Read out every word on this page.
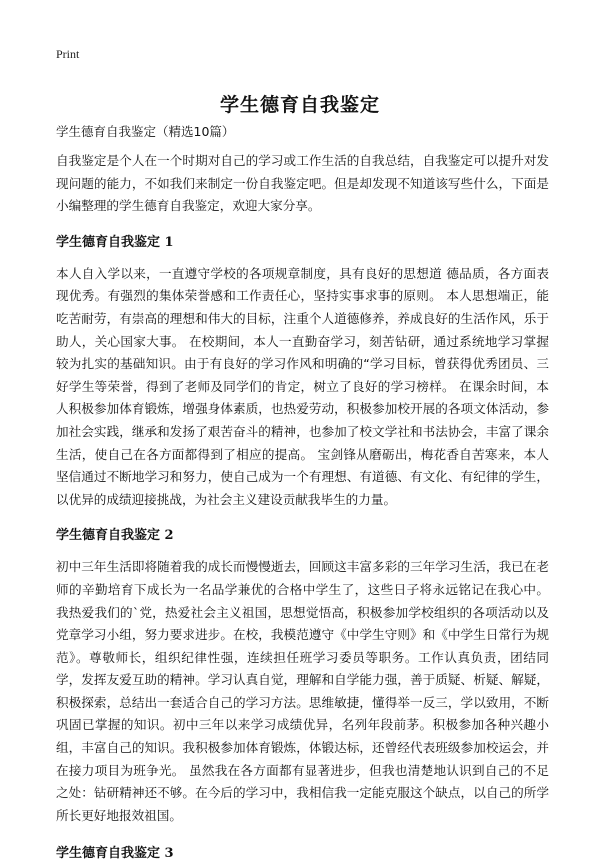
Print
学生德育自我鉴定
学生德育自我鉴定（精选10篇）

自我鉴定是个人在一个时期对自己的学习或工作生活的自我总结，自我鉴定可以提升对发现问题的能力，不如我们来制定一份自我鉴定吧。但是却发现不知道该写些什么，下面是小编整理的学生德育自我鉴定，欢迎大家分享。

学生德育自我鉴定 1

本人自入学以来，一直遵守学校的各项规章制度，具有良好的思想道 德品质，各方面表现优秀。有强烈的集体荣誉感和工作责任心，坚持实事求事的原则。 本人思想端正，能吃苦耐劳，有崇高的理想和伟大的目标，注重个人道德修养，养成良好的生活作风，乐于助人，关心国家大事。 在校期间，本人一直勤奋学习，刻苦钻研，通过系统地学习掌握较为扎实的基础知识。由于有良好的学习作风和明确的“学习目标，曾获得优秀团员、三好学生等荣誉，得到了老师及同学们的肯定，树立了良好的学习榜样。 在课余时间，本人积极参加体育锻炼，增强身体素质，也热爱劳动，积极参加校开展的各项文体活动，参加社会实践，继承和发扬了艰苦奋斗的精神，也参加了校文学社和书法协会，丰富了课余生活，使自己在各方面都得到了相应的提高。 宝剑锋从磨砺出，梅花香自苦寒来，本人坚信通过不断地学习和努力，使自己成为一个有理想、有道德、有文化、有纪律的学生，以优异的成绩迎接挑战，为社会主义建设贡献我毕生的力量。

学生德育自我鉴定 2

初中三年生活即将随着我的成长而慢慢逝去，回顾这丰富多彩的三年学习生活，我已在老师的辛勤培育下成长为一名品学兼优的合格中学生了，这些日子将永远铭记在我心中。 我热爱我们的`党，热爱社会主义祖国，思想觉悟高，积极参加学校组织的各项活动以及党章学习小组，努力要求进步。在校，我模范遵守《中学生守则》和《中学生日常行为规范》。尊敬师长，组织纪律性强，连续担任班学习委员等职务。工作认真负责，团结同学，发挥友爱互助的精神。学习认真自觉，理解和自学能力强，善于质疑、析疑、解疑，积极探索，总结出一套适合自己的学习方法。思维敏捷，懂得举一反三，学以致用，不断巩固已掌握的知识。初中三年以来学习成绩优异，名列年段前茅。积极参加各种兴趣小组，丰富自己的知识。我积极参加体育锻炼，体锻达标，还曾经代表班级参加校运会，并在接力项目为班争光。 虽然我在各方面都有显著进步，但我也清楚地认识到自己的不足之处：钻研精神还不够。在今后的学习中，我相信我一定能克服这个缺点，以自己的所学所长更好地报效祖国。

学生德育自我鉴定 3
